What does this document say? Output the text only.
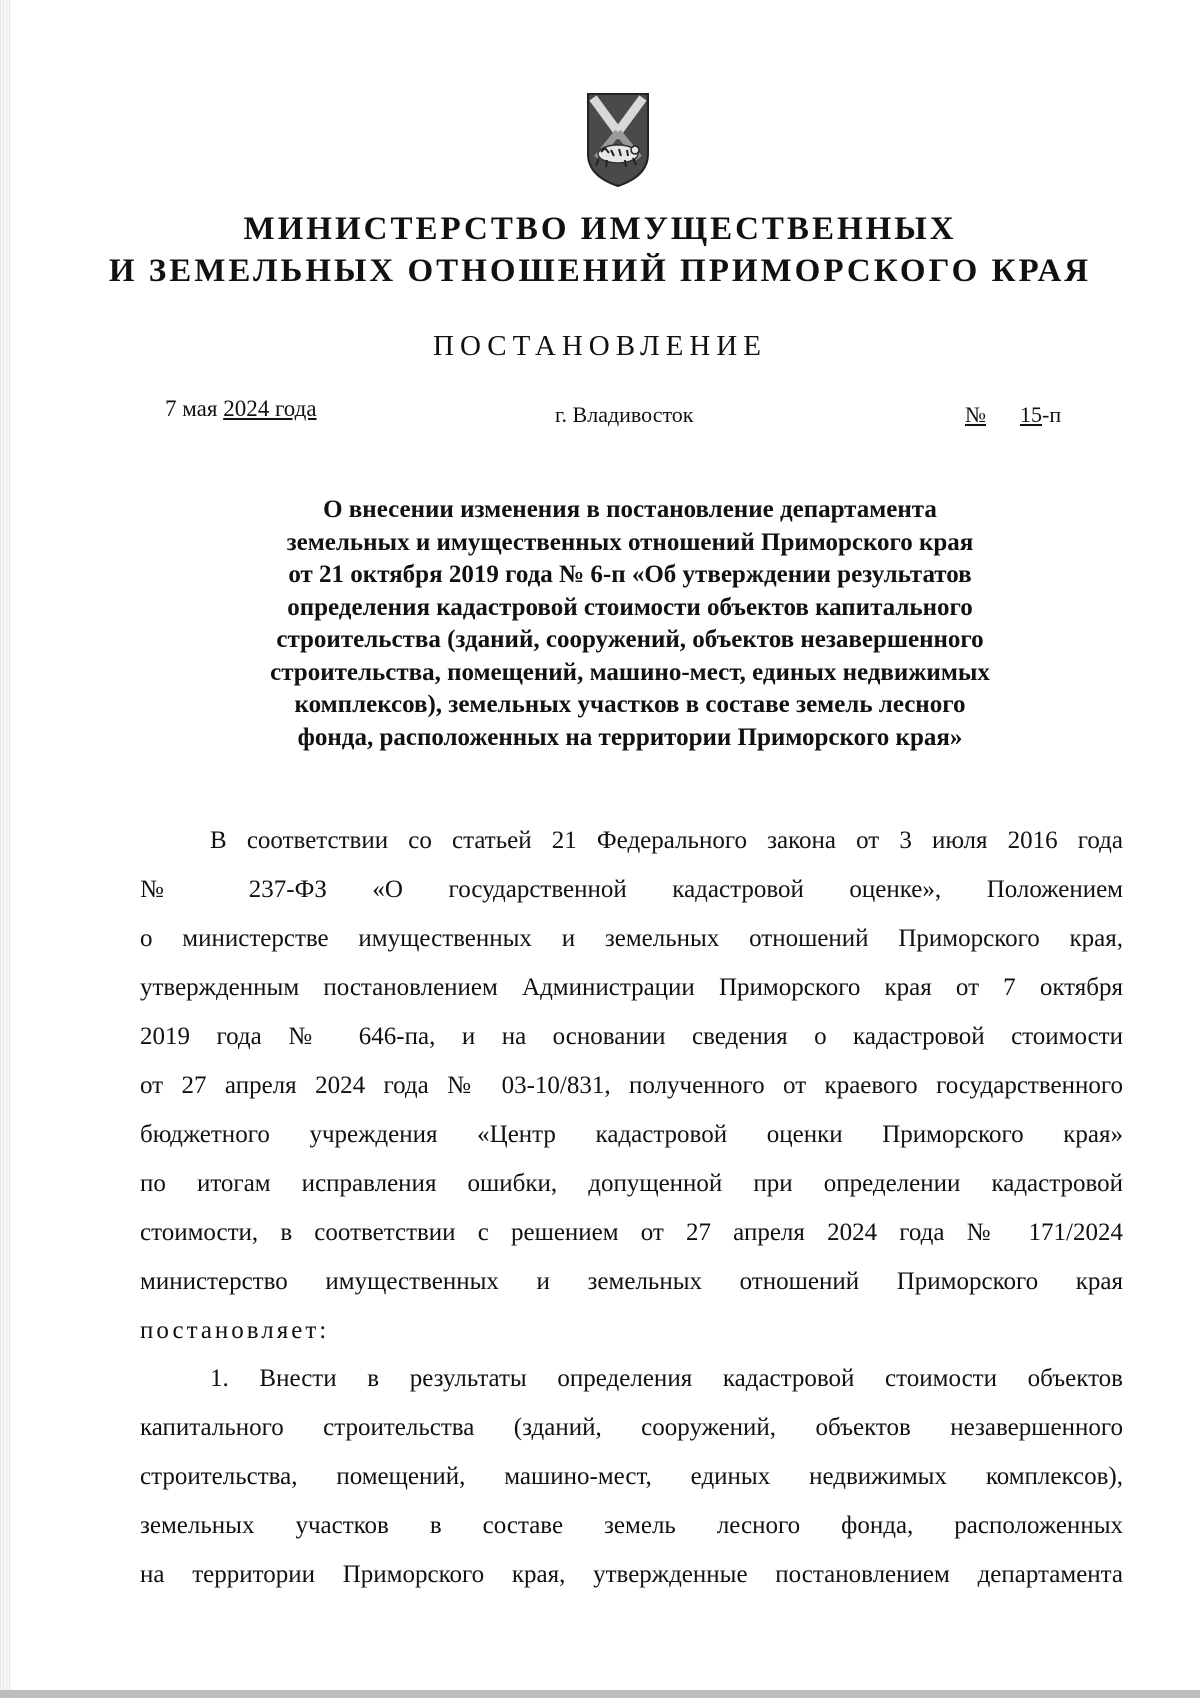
МИНИСТЕРСТВО ИМУЩЕСТВЕННЫХ
И ЗЕМЕЛЬНЫХ ОТНОШЕНИЙ ПРИМОРСКОГО КРАЯ
ПОСТАНОВЛЕНИЕ
7 мая 2024 года	г. Владивосток	№ 15-п
О внесении изменения в постановление департамента
земельных и имущественных отношений Приморского края
от 21 октября 2019 года № 6-п «Об утверждении результатов
определения кадастровой стоимости объектов капитального
строительства (зданий, сооружений, объектов незавершенного
строительства, помещений, машино-мест, единых недвижимых
комплексов), земельных участков в составе земель лесного
фонда, расположенных на территории Приморского края»
В соответствии со статьей 21 Федерального закона от 3 июля 2016 года
№ 237-ФЗ «О государственной кадастровой оценке», Положением
о министерстве имущественных и земельных отношений Приморского края,
утвержденным постановлением Администрации Приморского края от 7 октября
2019 года № 646-па, и на основании сведения о кадастровой стоимости
от 27 апреля 2024 года № 03-10/831, полученного от краевого государственного
бюджетного учреждения «Центр кадастровой оценки Приморского края»
по итогам исправления ошибки, допущенной при определении кадастровой
стоимости, в соответствии с решением от 27 апреля 2024 года № 171/2024
министерство имущественных и земельных отношений Приморского края
постановляет:
1. Внести в результаты определения кадастровой стоимости объектов
капитального строительства (зданий, сооружений, объектов незавершенного
строительства, помещений, машино-мест, единых недвижимых комплексов),
земельных участков в составе земель лесного фонда, расположенных
на территории Приморского края, утвержденные постановлением департамента
